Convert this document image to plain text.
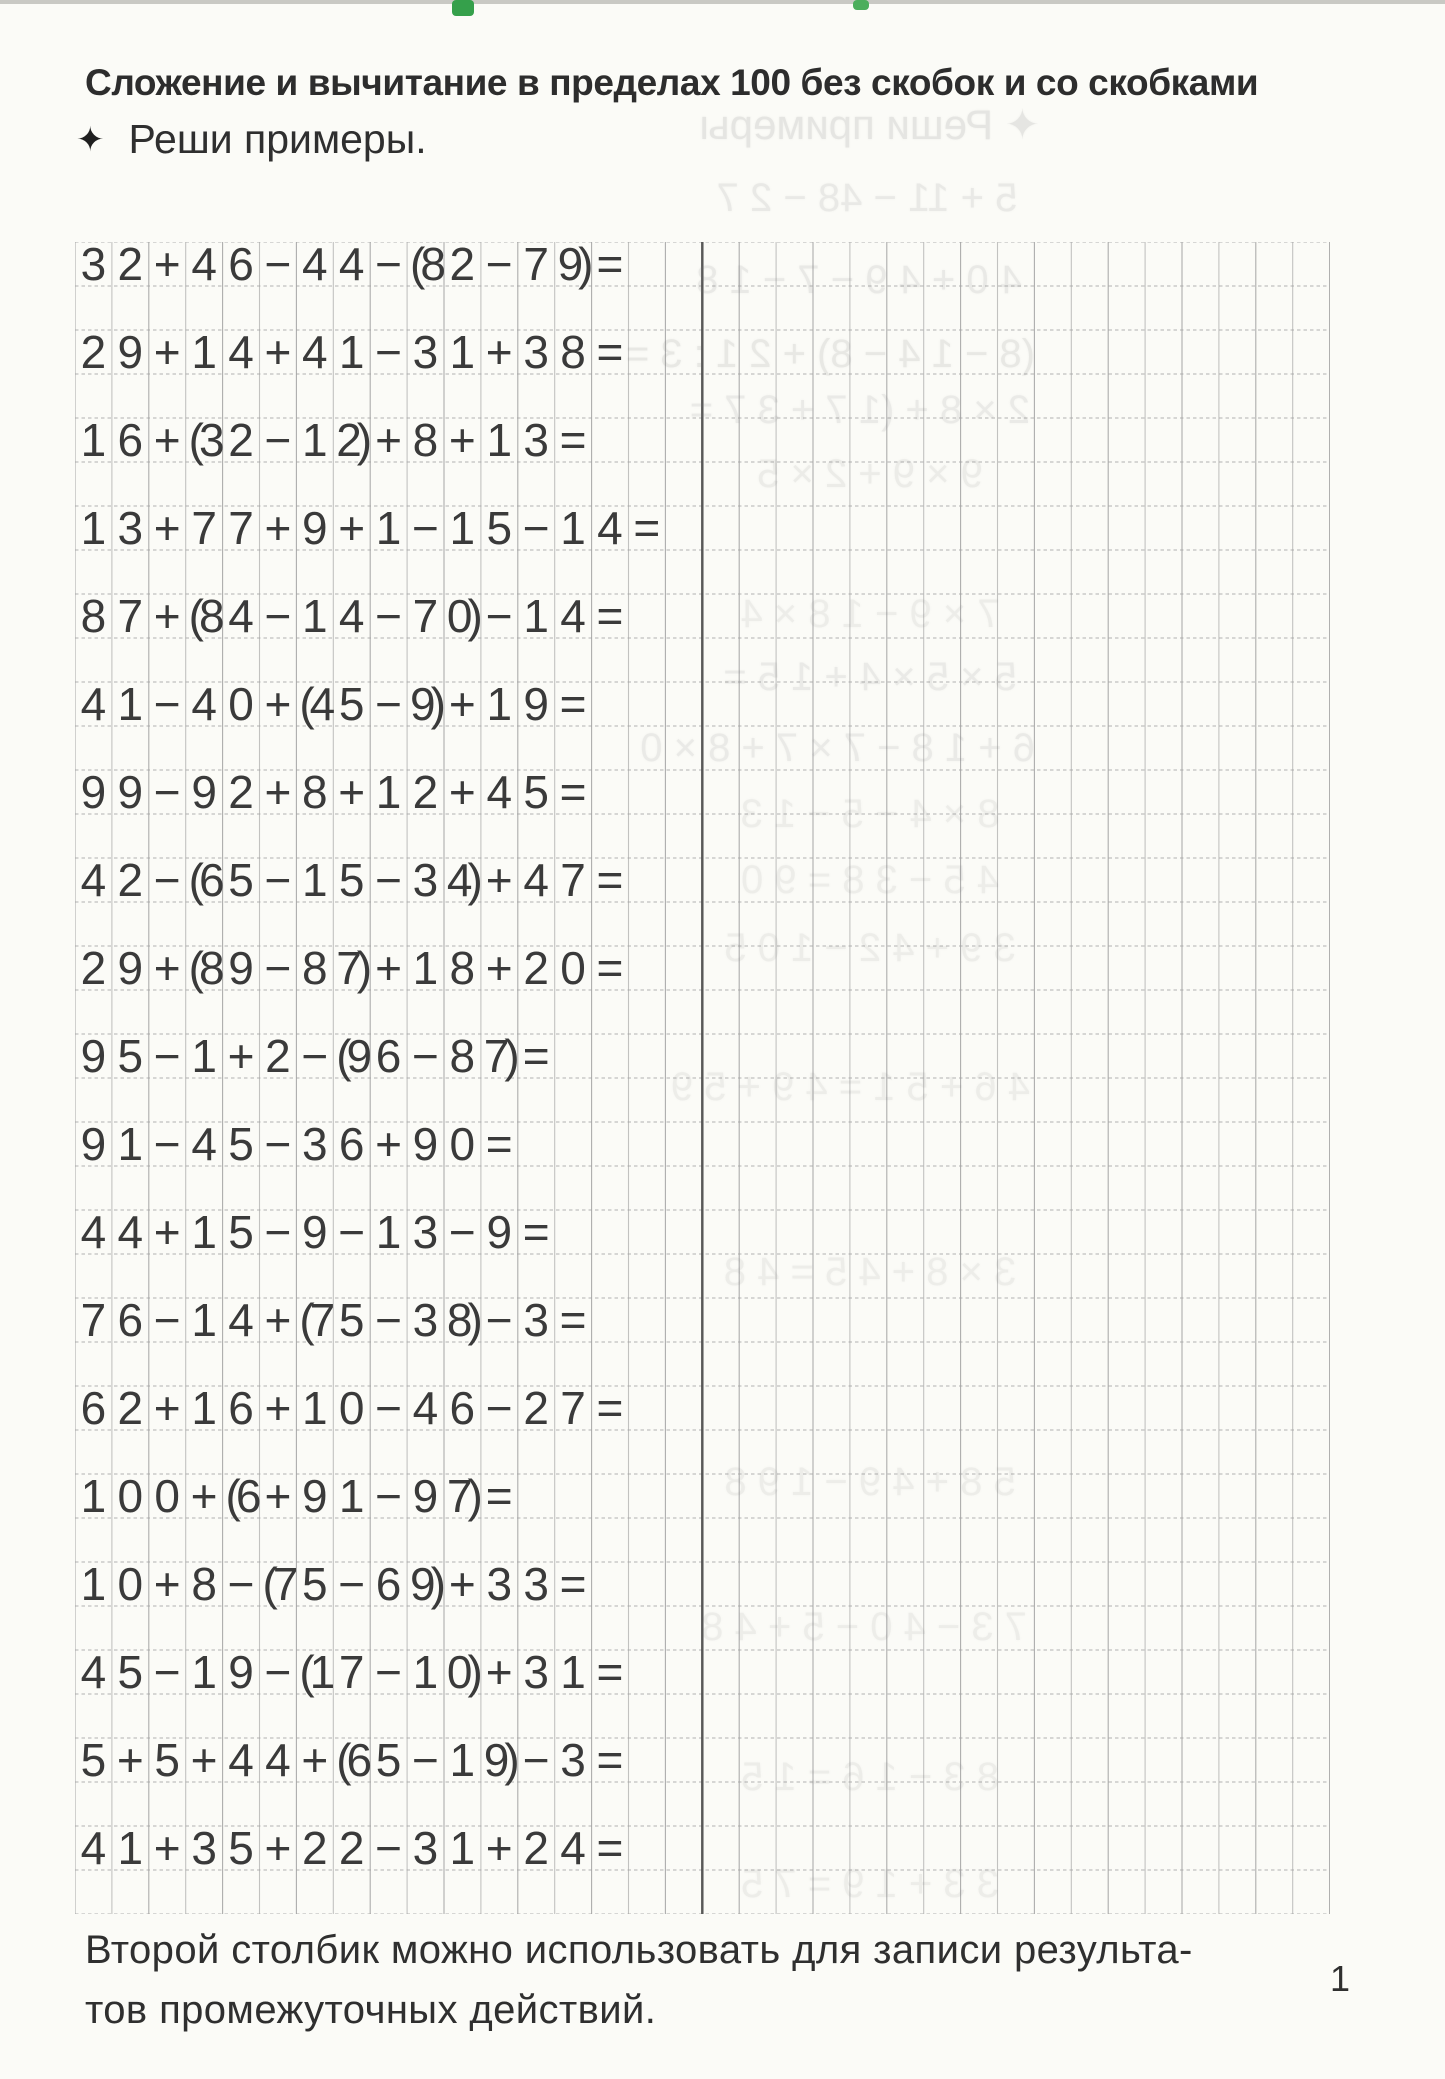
Сложение и вычитание в пределах 100 без скобок и со скобками
✦ Реши примеры.
3 2 + 4 6 − 4 4 − (8 2 − 7 9) =
2 9 + 1 4 + 4 1 − 3 1 + 3 8 =
1 6 + (3 2 − 1 2) + 8 + 1 3 =
1 3 + 7 7 + 9 + 1 − 1 5 − 1 4 =
8 7 + (8 4 − 1 4 − 7 0) − 1 4 =
4 1 − 4 0 + (4 5 − 9) + 1 9 =
9 9 − 9 2 + 8 + 1 2 + 4 5 =
4 2 − (6 5 − 1 5 − 3 4) + 4 7 =
2 9 + (8 9 − 8 7) + 1 8 + 2 0 =
9 5 − 1 + 2 − (9 6 − 8 7) =
9 1 − 4 5 − 3 6 + 9 0 =
4 4 + 1 5 − 9 − 1 3 − 9 =
7 6 − 1 4 + (7 5 − 3 8) − 3 =
6 2 + 1 6 + 1 0 − 4 6 − 2 7 =
1 0 0 + (6 + 9 1 − 9 7) =
1 0 + 8 − (7 5 − 6 9) + 3 3 =
4 5 − 1 9 − (1 7 − 1 0) + 3 1 =
5 + 5 + 4 4 + (6 5 − 1 9) − 3 =
4 1 + 3 5 + 2 2 − 3 1 + 2 4 =
✦ Реши примеры
5 + 11 − 48 − 2 7
4 0 + 4 9 − 7 − 1 8
(8 − 1 4 − 8) + 2 1 : 3 =
2 × 8 + (1 7 + 3 7 =
9 × 9 + 2 × 5
7 × 9 − 1 8 × 4
5 × 5 × 4 + 1 5 =
6 + 1 8 − 7 × 7 + 8 × 0
8 × 4 − 5 − 1 3
4 5 − 3 8 = 9 0
3 9 + 4 2 − 1 0 5
4 6 + 5 1 = 4 9 + 5 9
3 × 8 + 4 5 = 4 8
5 8 + 4 9 − 1 9 8
7 3 − 4 0 − 5 + 4 8
8 3 − 1 6 = 1 5
3 3 + 1 9 = 7 5
Второй столбик можно использовать для записи результа-
тов промежуточных действий.
1
